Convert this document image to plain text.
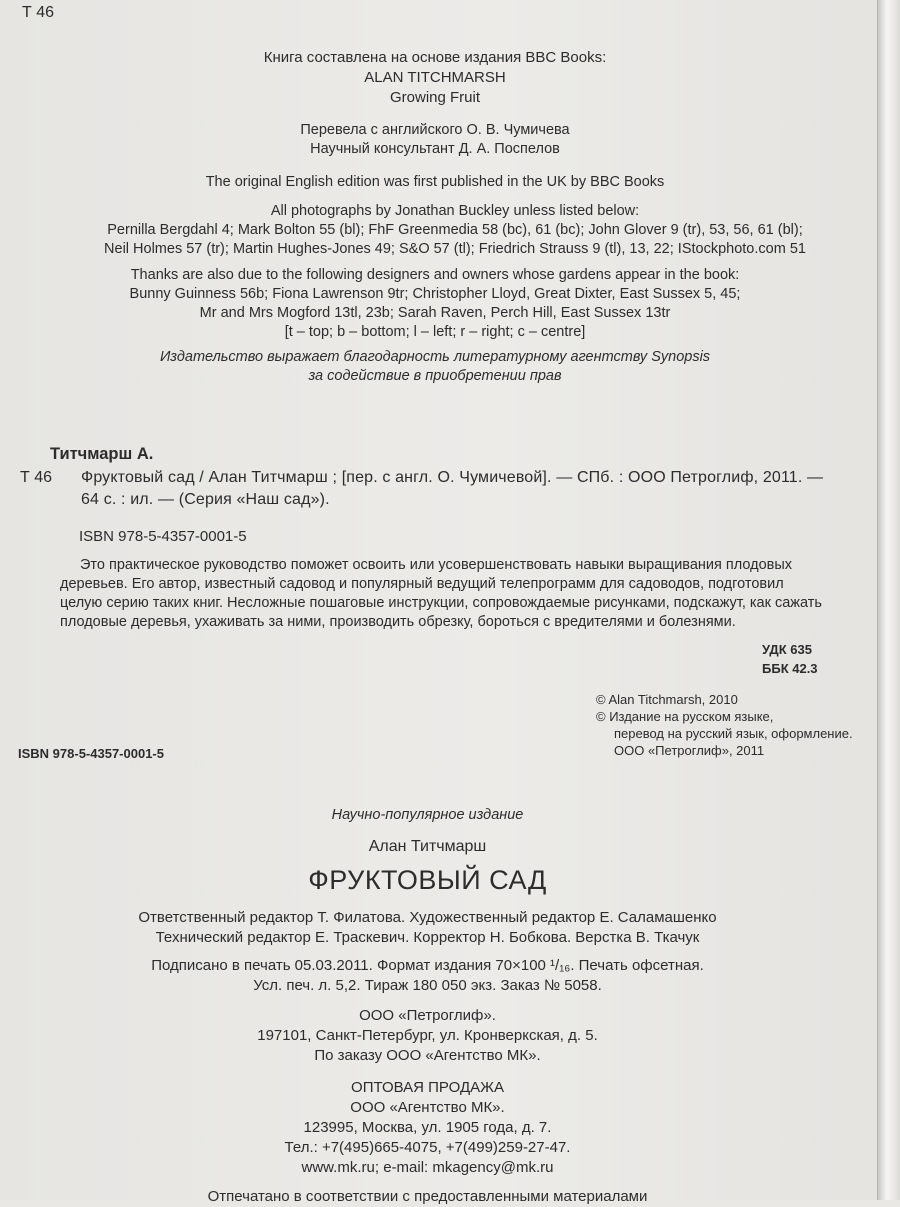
Т 46
Книга составлена на основе издания BBC Books:
ALAN TITCHMARSH
Growing Fruit
Перевела с английского О. В. Чумичева
Научный консультант Д. А. Поспелов
The original English edition was first published in the UK by BBC Books
All photographs by Jonathan Buckley unless listed below:
Pernilla Bergdahl 4; Mark Bolton 55 (bl); FhF Greenmedia 58 (bc), 61 (bc); John Glover 9 (tr), 53, 56, 61 (bl);
Neil Holmes 57 (tr); Martin Hughes-Jones 49; S&O 57 (tl); Friedrich Strauss 9 (tl), 13, 22; IStockphoto.com 51
Thanks are also due to the following designers and owners whose gardens appear in the book:
Bunny Guinness 56b; Fiona Lawrenson 9tr; Christopher Lloyd, Great Dixter, East Sussex 5, 45;
Mr and Mrs Mogford 13tl, 23b; Sarah Raven, Perch Hill, East Sussex 13tr
[t – top; b – bottom; l – left; r – right; c – centre]
Издательство выражает благодарность литературному агентству Synopsis
за содействие в приобретении прав
Титчмарш А.
Т 46 Фруктовый сад / Алан Титчмарш ; [пер. с англ. О. Чумичевой]. — СПб. : ООО Петроглиф, 2011. —
64 с. : ил. — (Серия «Наш сад»).
ISBN 978-5-4357-0001-5
Это практическое руководство поможет освоить или усовершенствовать навыки выращивания плодовых
деревьев. Его автор, известный садовод и популярный ведущий телепрограмм для садоводов, подготовил
целую серию таких книг. Несложные пошаговые инструкции, сопровождаемые рисунками, подскажут, как сажать
плодовые деревья, ухаживать за ними, производить обрезку, бороться с вредителями и болезнями.
УДК 635
ББК 42.3
© Alan Titchmarsh, 2010
© Издание на русском языке,
перевод на русский язык, оформление.
ООО «Петроглиф», 2011
ISBN 978-5-4357-0001-5
Научно-популярное издание
Алан Титчмарш
ФРУКТОВЫЙ САД
Ответственный редактор Т. Филатова. Художественный редактор Е. Саламашенко
Технический редактор Е. Траскевич. Корректор Н. Бобкова. Верстка В. Ткачук
Подписано в печать 05.03.2011. Формат издания 70×100 ¹/₁₆. Печать офсетная.
Усл. печ. л. 5,2. Тираж 180 050 экз. Заказ № 5058.
ООО «Петроглиф».
197101, Санкт-Петербург, ул. Кронверкская, д. 5.
По заказу ООО «Агентство МК».
ОПТОВАЯ ПРОДАЖА
ООО «Агентство МК».
123995, Москва, ул. 1905 года, д. 7.
Тел.: +7(495)665-4075, +7(499)259-27-47.
www.mk.ru; e-mail: mkagency@mk.ru
Отпечатано в соответствии с предоставленными материалами
